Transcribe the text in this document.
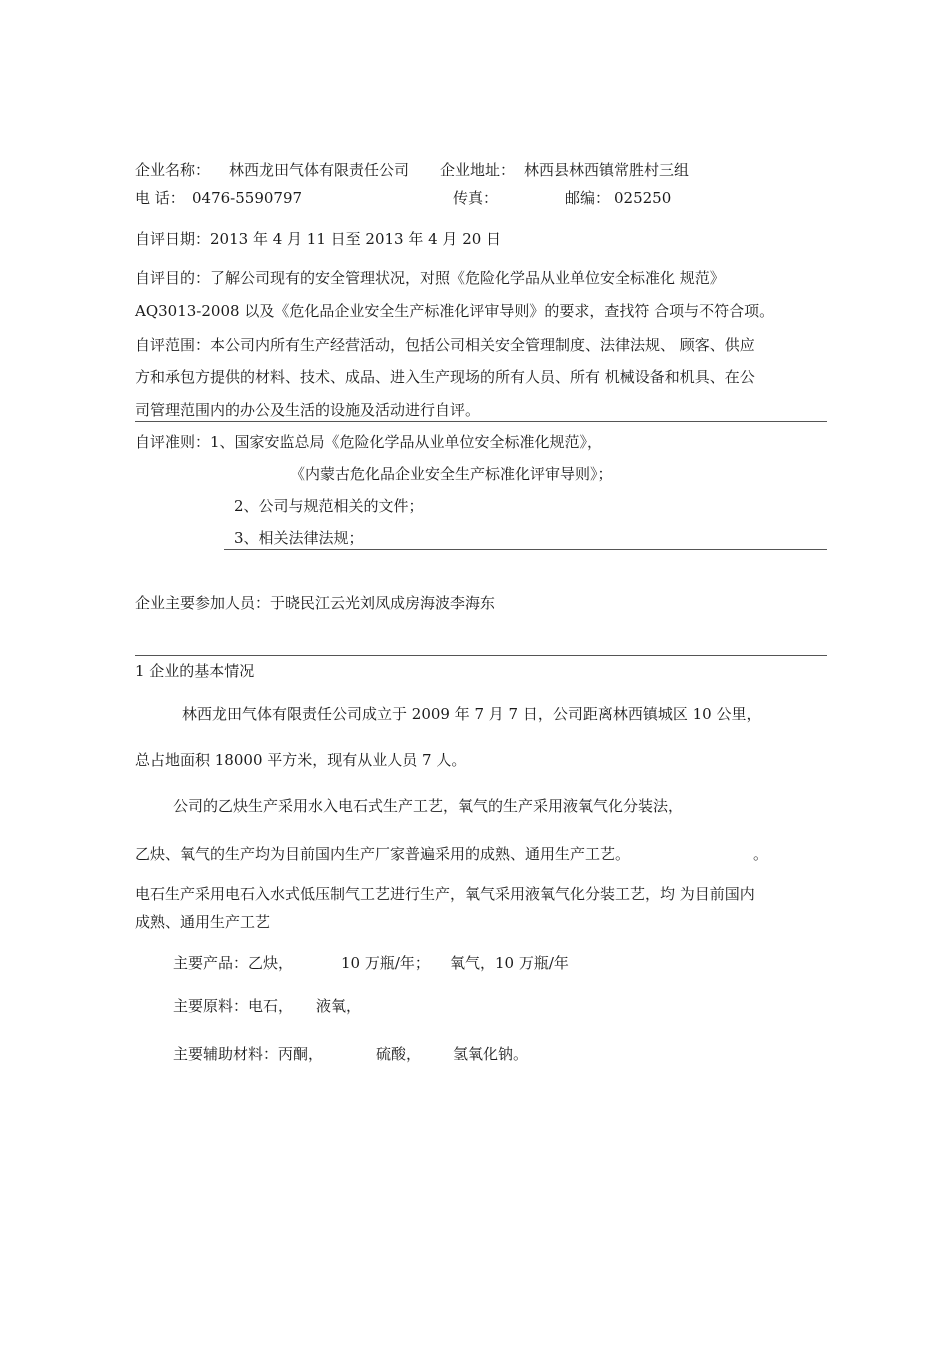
企业名称： 林西龙田气体有限责任公司 企业地址： 林西县林西镇常胜村三组
电 话： 0476-5590797	传真：	邮编： 025250
自评日期：2013 年 4 月 11 日至 2013 年 4 月 20 日
自评目的：了解公司现有的安全管理状况，对照《危险化学品从业单位安全标准化 规范》
AQ3013-2008 以及《危化品企业安全生产标准化评审导则》的要求，查找符 合项与不符合项。
自评范围：本公司内所有生产经营活动，包括公司相关安全管理制度、法律法规、 顾客、供应
方和承包方提供的材料、技术、成品、进入生产现场的所有人员、所有 机械设备和机具、在公
司管理范围内的办公及生活的设施及活动进行自评。
自评准则：1、国家安监总局《危险化学品从业单位安全标准化规范》，
《内蒙古危化品企业安全生产标准化评审导则》；
2、公司与规范相关的文件；
3、相关法律法规；
企业主要参加人员：于晓民江云光刘凤成房海波李海东
1 企业的基本情况
林西龙田气体有限责任公司成立于 2009 年 7 月 7 日，公司距离林西镇城区 10 公里，
总占地面积 18000 平方米，现有从业人员 7 人。
公司的乙炔生产采用水入电石式生产工艺，氧气的生产采用液氧气化分装法，
乙炔、氧气的生产均为目前国内生产厂家普遍采用的成熟、通用生产工艺。	。
电石生产采用电石入水式低压制气工艺进行生产，氧气采用液氧气化分装工艺，均 为目前国内
成熟、通用生产工艺
主要产品：乙炔，	10 万瓶/年； 氧气，10 万瓶/年
主要原料：电石， 液氧，
主要辅助材料：丙酮，	硫酸， 氢氧化钠。
